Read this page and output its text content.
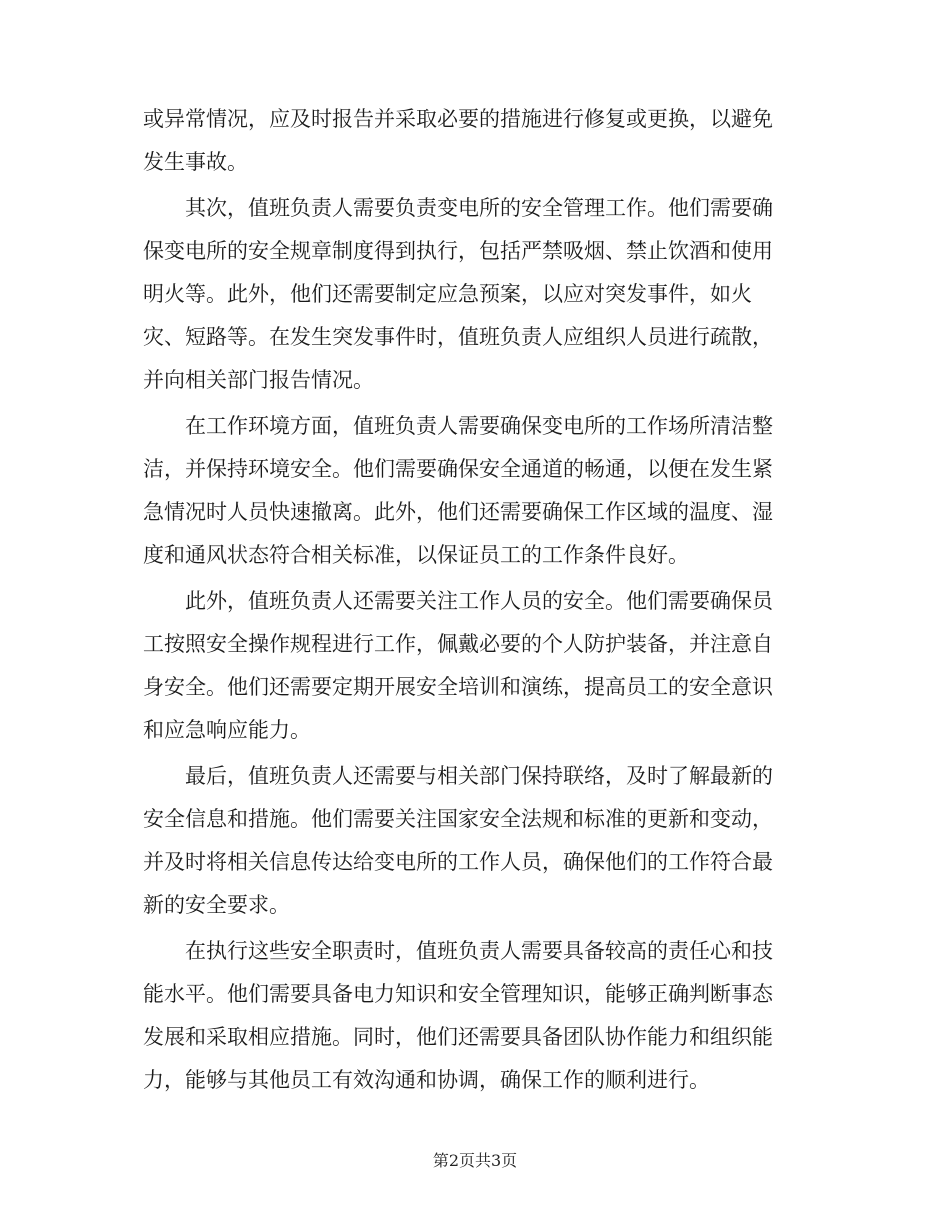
或异常情况，应及时报告并采取必要的措施进行修复或更换，以避免
发生事故。
　　其次，值班负责人需要负责变电所的安全管理工作。他们需要确
保变电所的安全规章制度得到执行，包括严禁吸烟、禁止饮酒和使用
明火等。此外，他们还需要制定应急预案，以应对突发事件，如火
灾、短路等。在发生突发事件时，值班负责人应组织人员进行疏散，
并向相关部门报告情况。
　　在工作环境方面，值班负责人需要确保变电所的工作场所清洁整
洁，并保持环境安全。他们需要确保安全通道的畅通，以便在发生紧
急情况时人员快速撤离。此外，他们还需要确保工作区域的温度、湿
度和通风状态符合相关标准，以保证员工的工作条件良好。
　　此外，值班负责人还需要关注工作人员的安全。他们需要确保员
工按照安全操作规程进行工作，佩戴必要的个人防护装备，并注意自
身安全。他们还需要定期开展安全培训和演练，提高员工的安全意识
和应急响应能力。
　　最后，值班负责人还需要与相关部门保持联络，及时了解最新的
安全信息和措施。他们需要关注国家安全法规和标准的更新和变动，
并及时将相关信息传达给变电所的工作人员，确保他们的工作符合最
新的安全要求。
　　在执行这些安全职责时，值班负责人需要具备较高的责任心和技
能水平。他们需要具备电力知识和安全管理知识，能够正确判断事态
发展和采取相应措施。同时，他们还需要具备团队协作能力和组织能
力，能够与其他员工有效沟通和协调，确保工作的顺利进行。
第2页共3页
